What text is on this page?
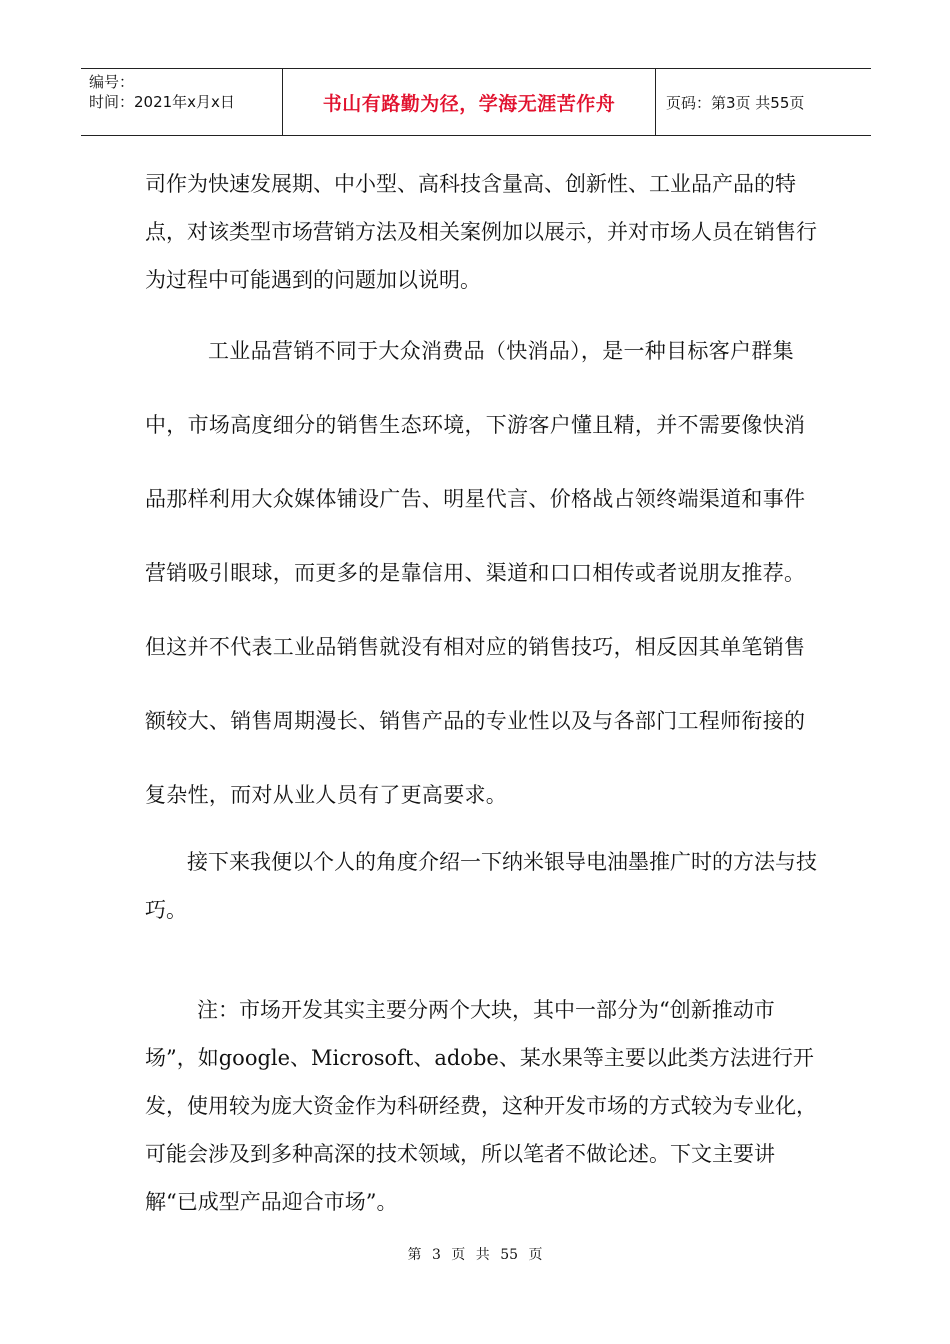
编号：
时间：2021年x月x日	书山有路勤为径，学海无涯苦作舟	页码：第3页 共55页

司作为快速发展期、中小型、高科技含量高、创新性、工业品产品的特点，对该类型市场营销方法及相关案例加以展示，并对市场人员在销售行为过程中可能遇到的问题加以说明。

工业品营销不同于大众消费品（快消品），是一种目标客户群集中，市场高度细分的销售生态环境，下游客户懂且精，并不需要像快消品那样利用大众媒体铺设广告、明星代言、价格战占领终端渠道和事件营销吸引眼球，而更多的是靠信用、渠道和口口相传或者说朋友推荐。但这并不代表工业品销售就没有相对应的销售技巧，相反因其单笔销售额较大、销售周期漫长、销售产品的专业性以及与各部门工程师衔接的复杂性，而对从业人员有了更高要求。

接下来我便以个人的角度介绍一下纳米银导电油墨推广时的方法与技巧。

注：市场开发其实主要分两个大块，其中一部分为“创新推动市场”，如google、Microsoft、adobe、某水果等主要以此类方法进行开发，使用较为庞大资金作为科研经费，这种开发市场的方式较为专业化，可能会涉及到多种高深的技术领域，所以笔者不做论述。下文主要讲解“已成型产品迎合市场”。

第 3 页 共 55 页
